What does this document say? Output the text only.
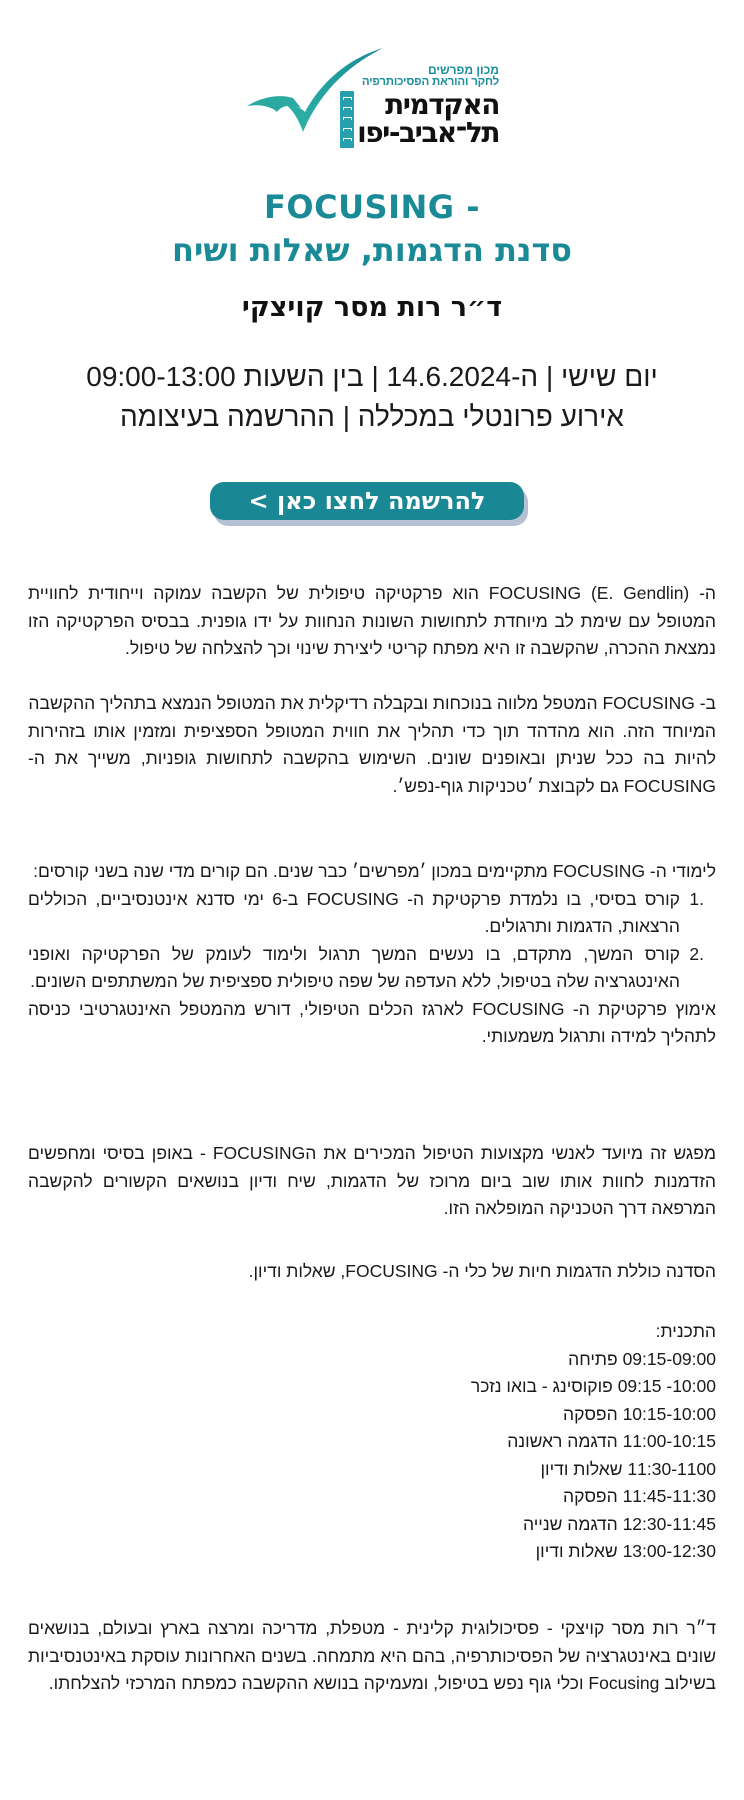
מכון מפרשים
לחקר והוראת הפסיכותרפיה
האקדמית
תל־אביב-יפו
FOCUSING -
סדנת הדגמות, שאלות ושיח
ד״ר רות מסר קויצקי
יום שישי | ה-14.6.2024 | בין השעות 09:00-13:00
אירוע פרונטלי במכללה | ההרשמה בעיצומה
להרשמה לחצו כאן >

ה- FOCUSING (E. Gendlin) הוא פרקטיקה טיפולית של הקשבה עמוקה וייחודית לחוויית המטופל עם שימת לב מיוחדת לתחושות השונות הנחוות על ידו גופנית. בבסיס הפרקטיקה הזו נמצאת ההכרה, שהקשבה זו היא מפתח קריטי ליצירת שינוי וכך להצלחה של טיפול.

ב- FOCUSING המטפל מלווה בנוכחות ובקבלה רדיקלית את המטופל הנמצא בתהליך ההקשבה

המיוחד הזה. הוא מהדהד תוך כדי תהליך את חווית המטופל הספציפית ומזמין אותו בזהירות להיות בה ככל שניתן ובאופנים שונים. השימוש בהקשבה לתחושות גופניות, משייך את ה- FOCUSING גם לקבוצת ׳טכניקות גוף-נפש׳.

לימודי ה- FOCUSING מתקיימים במכון ׳מפרשים׳ כבר שנים. הם קורים מדי שנה בשני קורסים:

1.
קורס בסיסי, בו נלמדת פרקטיקת ה- FOCUSING ב-6 ימי סדנא אינטנסיביים, הכוללים הרצאות, הדגמות ותרגולים.
2.
קורס המשך, מתקדם, בו נעשים המשך תרגול ולימוד לעומק של הפרקטיקה ואופני האינטגרציה שלה בטיפול, ללא העדפה של שפה טיפולית ספציפית של המשתתפים השונים.

אימוץ פרקטיקת ה- FOCUSING לארגז הכלים הטיפולי, דורש מהמטפל האינטגרטיבי כניסה לתהליך למידה ותרגול משמעותי.

מפגש זה מיועד לאנשי מקצועות הטיפול המכירים את הFOCUSING - באופן בסיסי ומחפשים הזדמנות לחוות אותו שוב ביום מרוכז של הדגמות, שיח ודיון בנושאים הקשורים להקשבה המרפאה דרך הטכניקה המופלאה הזו.

הסדנה כוללת הדגמות חיות של כלי ה- FOCUSING, שאלות ודיון.

התכנית:

09:15-09:00 פתיחה
10:00- 09:15 פוקוסינג - בואו נזכר
10:15-10:00 הפסקה
11:00-10:15 הדגמה ראשונה
11:30-1100 שאלות ודיון
11:45-11:30 הפסקה
12:30-11:45 הדגמה שנייה
13:00-12:30 שאלות ודיון

ד״ר רות מסר קויצקי - פסיכולוגית קלינית - מטפלת, מדריכה ומרצה בארץ ובעולם, בנושאים שונים באינטגרציה של הפסיכותרפיה, בהם היא מתמחה. בשנים האחרונות עוסקת באינטנסיביות בשילוב Focusing וכלי גוף נפש בטיפול, ומעמיקה בנושא ההקשבה כמפתח המרכזי להצלחתו.
